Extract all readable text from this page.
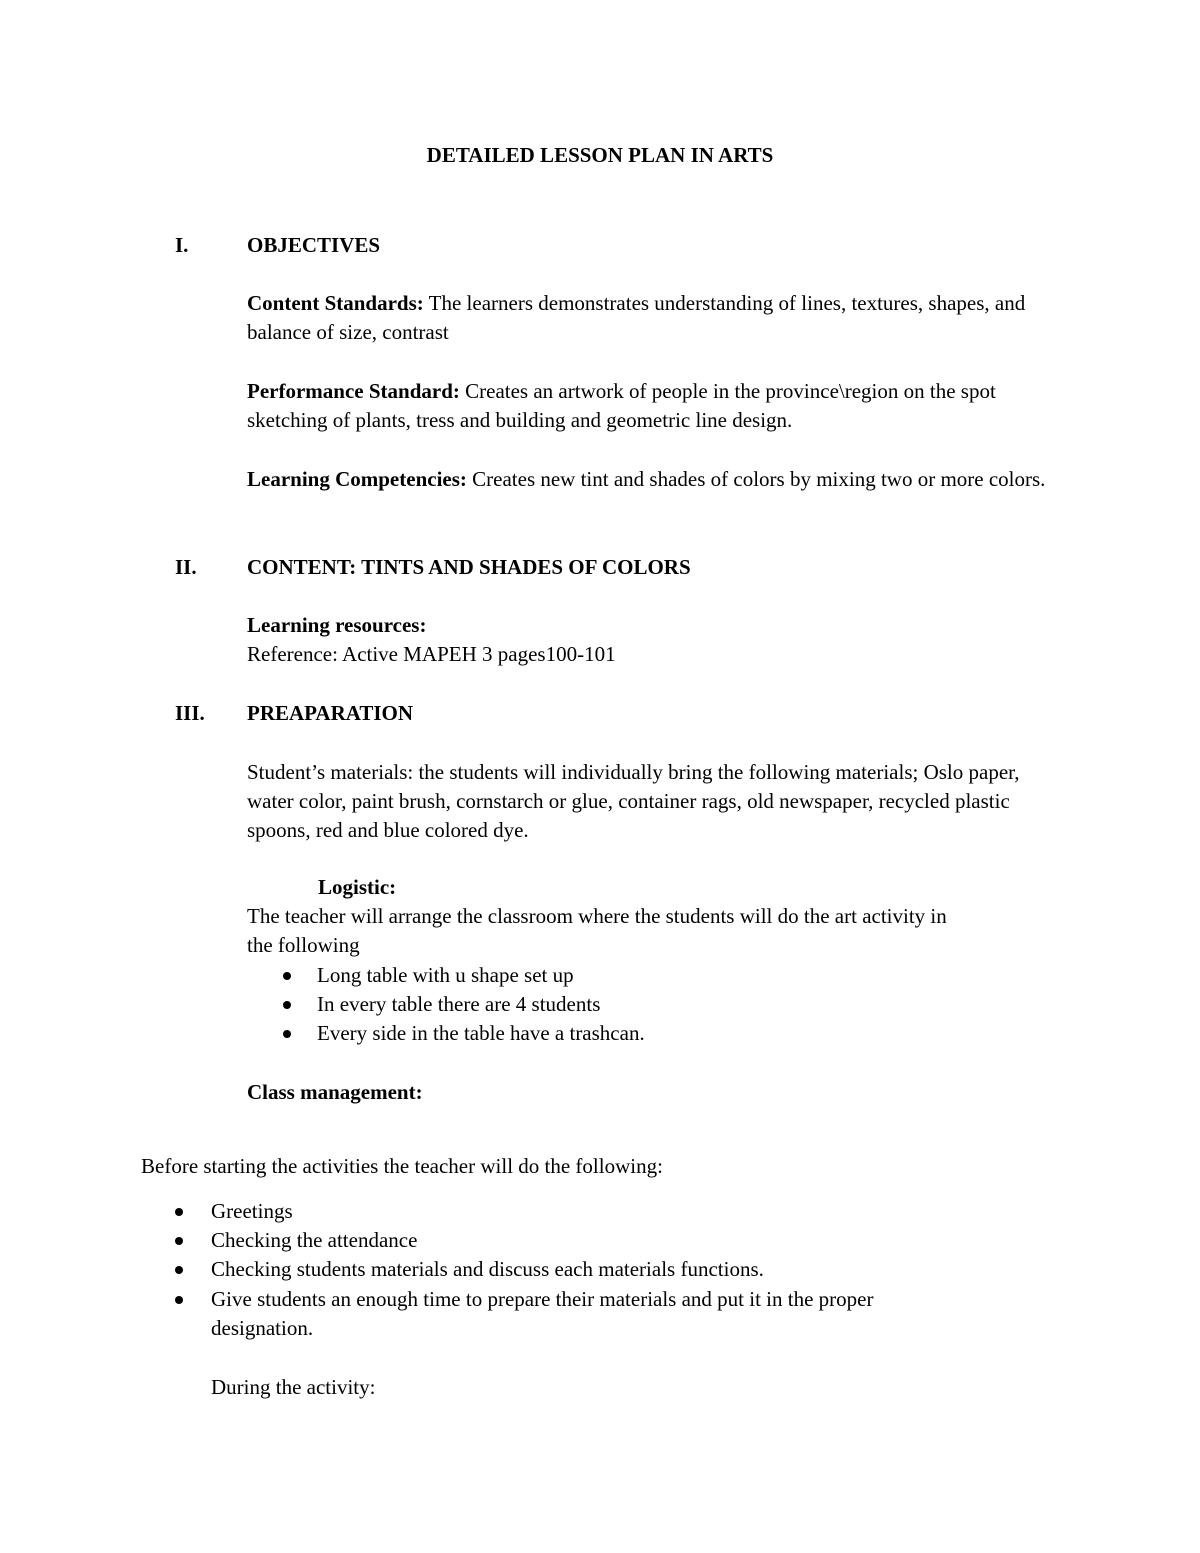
DETAILED LESSON PLAN IN ARTS
I.	OBJECTIVES
Content Standards: The learners demonstrates understanding of lines, textures, shapes, and balance of size, contrast
Performance Standard: Creates an artwork of people in the province\region on the spot sketching of plants, tress and building and geometric line design.
Learning Competencies: Creates new tint and shades of colors by mixing two or more colors.
II. CONTENT: TINTS AND SHADES OF COLORS
Learning resources:
Reference: Active MAPEH 3 pages100-101
III. PREAPARATION
Student’s materials: the students will individually bring the following materials; Oslo paper, water color, paint brush, cornstarch or glue, container rags, old newspaper, recycled plastic spoons, red and blue colored dye.
Logistic:
The teacher will arrange the classroom where the students will do the art activity in
the following
Long table with u shape set up
In every table there are 4 students
Every side in the table have a trashcan.
Class management:
Before starting the activities the teacher will do the following:
Greetings
Checking the attendance
Checking students materials and discuss each materials functions.
Give students an enough time to prepare their materials and put it in the proper
designation.
During the activity:
